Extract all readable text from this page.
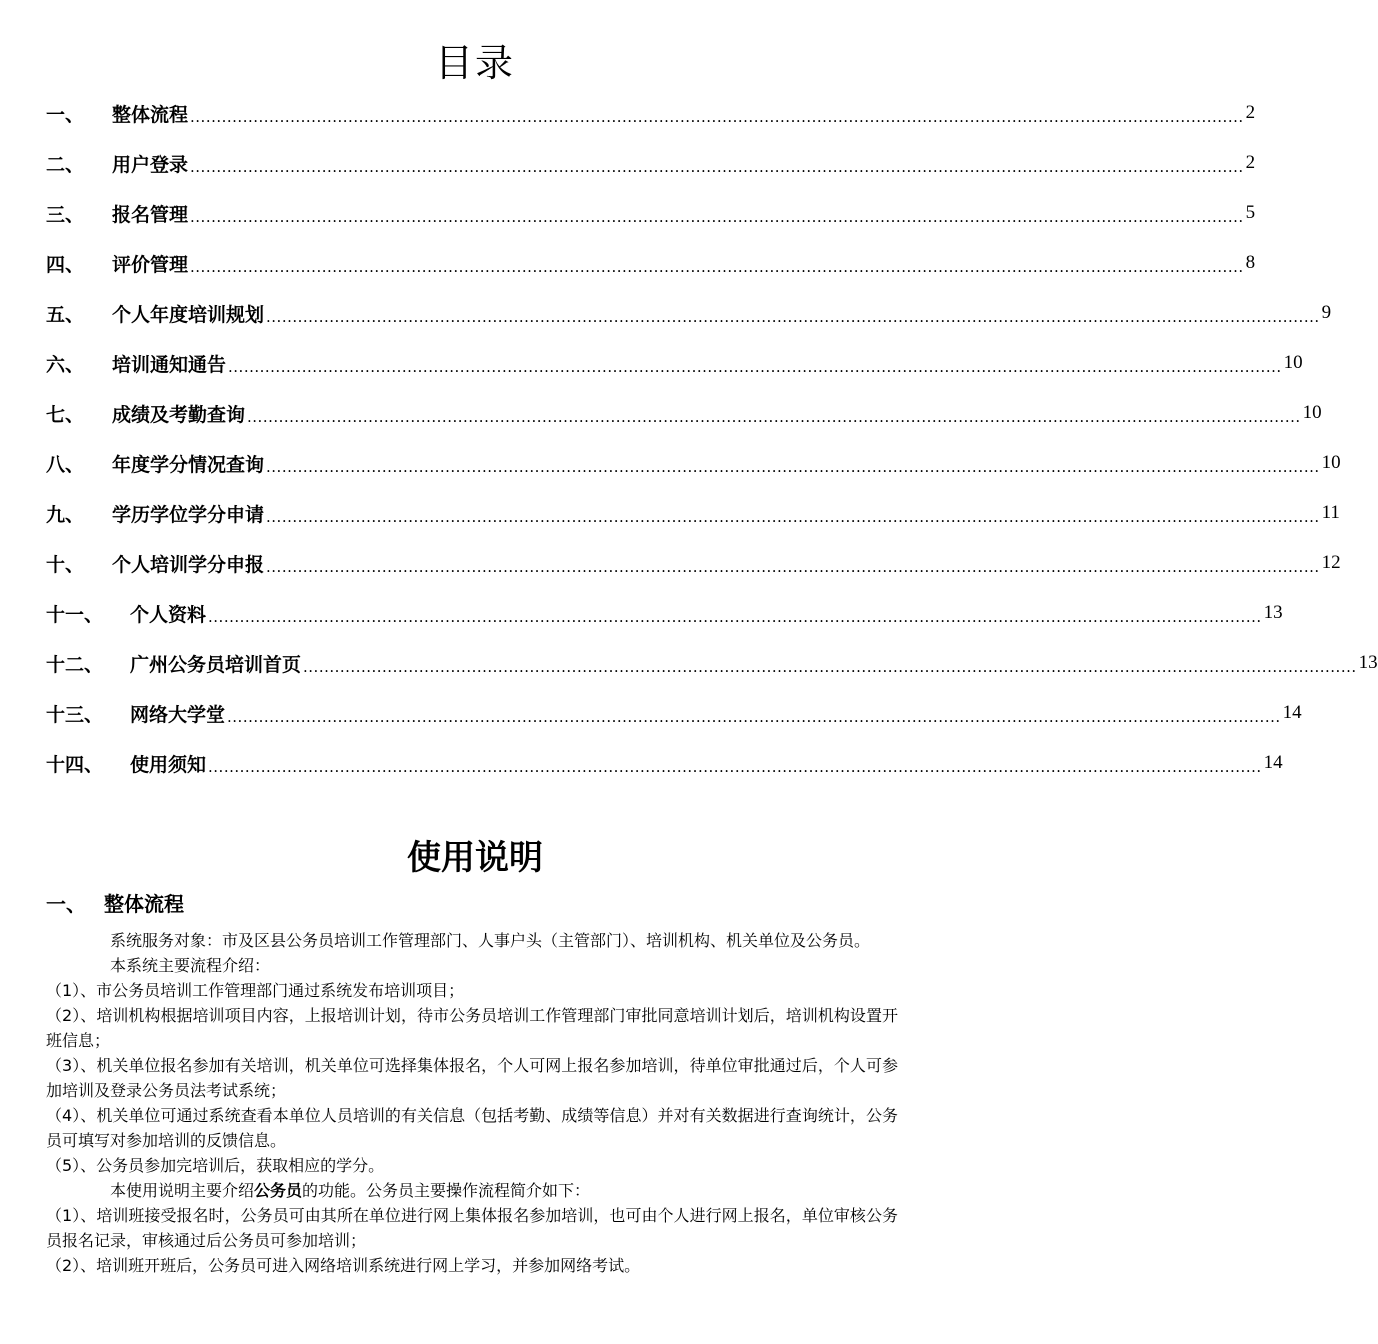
目录
一、	整体流程 ........................................................................................................................................................................................................ 2
二、	用户登录 ........................................................................................................................................................................................................ 2
三、	报名管理 ........................................................................................................................................................................................................ 5
四、	评价管理 ........................................................................................................................................................................................................ 8
五、	个人年度培训规划 ........................................................................................................................................................................................................ 9
六、	培训通知通告 ........................................................................................................................................................................................................ 10
七、	成绩及考勤查询 ........................................................................................................................................................................................................ 10
八、	年度学分情况查询 ........................................................................................................................................................................................................ 10
九、	学历学位学分申请 ........................................................................................................................................................................................................ 11
十、	个人培训学分申报 ........................................................................................................................................................................................................ 12
十一、	个人资料 ........................................................................................................................................................................................................ 13
十二、	广州公务员培训首页 ........................................................................................................................................................................................................ 13
十三、	网络大学堂 ........................................................................................................................................................................................................ 14
十四、	使用须知 ........................................................................................................................................................................................................ 14
使用说明
一、 整体流程

系统服务对象：市及区县公务员培训工作管理部门、人事户头（主管部门）、培训机构、机关单位及公务员。

本系统主要流程介绍：

（1）、市公务员培训工作管理部门通过系统发布培训项目；

（2）、培训机构根据培训项目内容，上报培训计划，待市公务员培训工作管理部门审批同意培训计划后，培训机构设置开班信息；

（3）、机关单位报名参加有关培训，机关单位可选择集体报名，个人可网上报名参加培训，待单位审批通过后，个人可参加培训及登录公务员法考试系统；

（4）、机关单位可通过系统查看本单位人员培训的有关信息（包括考勤、成绩等信息）并对有关数据进行查询统计，公务员可填写对参加培训的反馈信息。

（5）、公务员参加完培训后，获取相应的学分。

本使用说明主要介绍公务员的功能。公务员主要操作流程简介如下：

（1）、培训班接受报名时，公务员可由其所在单位进行网上集体报名参加培训，也可由个人进行网上报名，单位审核公务员报名记录，审核通过后公务员可参加培训；

（2）、培训班开班后，公务员可进入网络培训系统进行网上学习，并参加网络考试。
